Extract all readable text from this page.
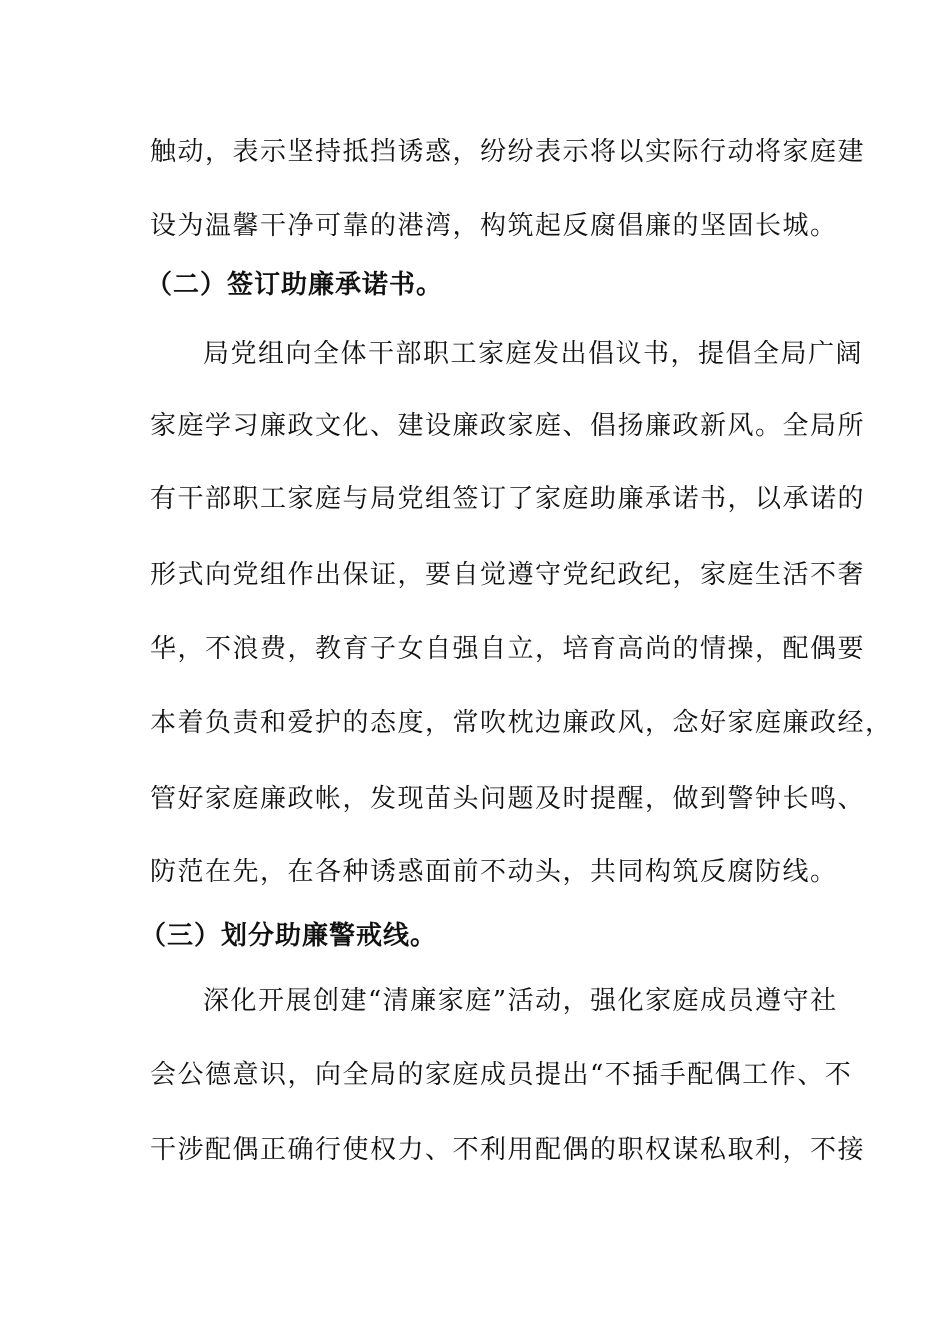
触动，表示坚持抵挡诱惑，纷纷表示将以实际行动将家庭建
设为温馨干净可靠的港湾，构筑起反腐倡廉的坚固长城。
（二）签订助廉承诺书。
局党组向全体干部职工家庭发出倡议书，提倡全局广阔
家庭学习廉政文化、建设廉政家庭、倡扬廉政新风。全局所
有干部职工家庭与局党组签订了家庭助廉承诺书，以承诺的
形式向党组作出保证，要自觉遵守党纪政纪，家庭生活不奢
华，不浪费，教育子女自强自立，培育高尚的情操，配偶要
本着负责和爱护的态度，常吹枕边廉政风，念好家庭廉政经，
管好家庭廉政帐，发现苗头问题及时提醒，做到警钟长鸣、
防范在先，在各种诱惑面前不动头，共同构筑反腐防线。
（三）划分助廉警戒线。
深化开展创建“清廉家庭”活动，强化家庭成员遵守社
会公德意识，向全局的家庭成员提出“不插手配偶工作、不
干涉配偶正确行使权力、不利用配偶的职权谋私取利，不接
